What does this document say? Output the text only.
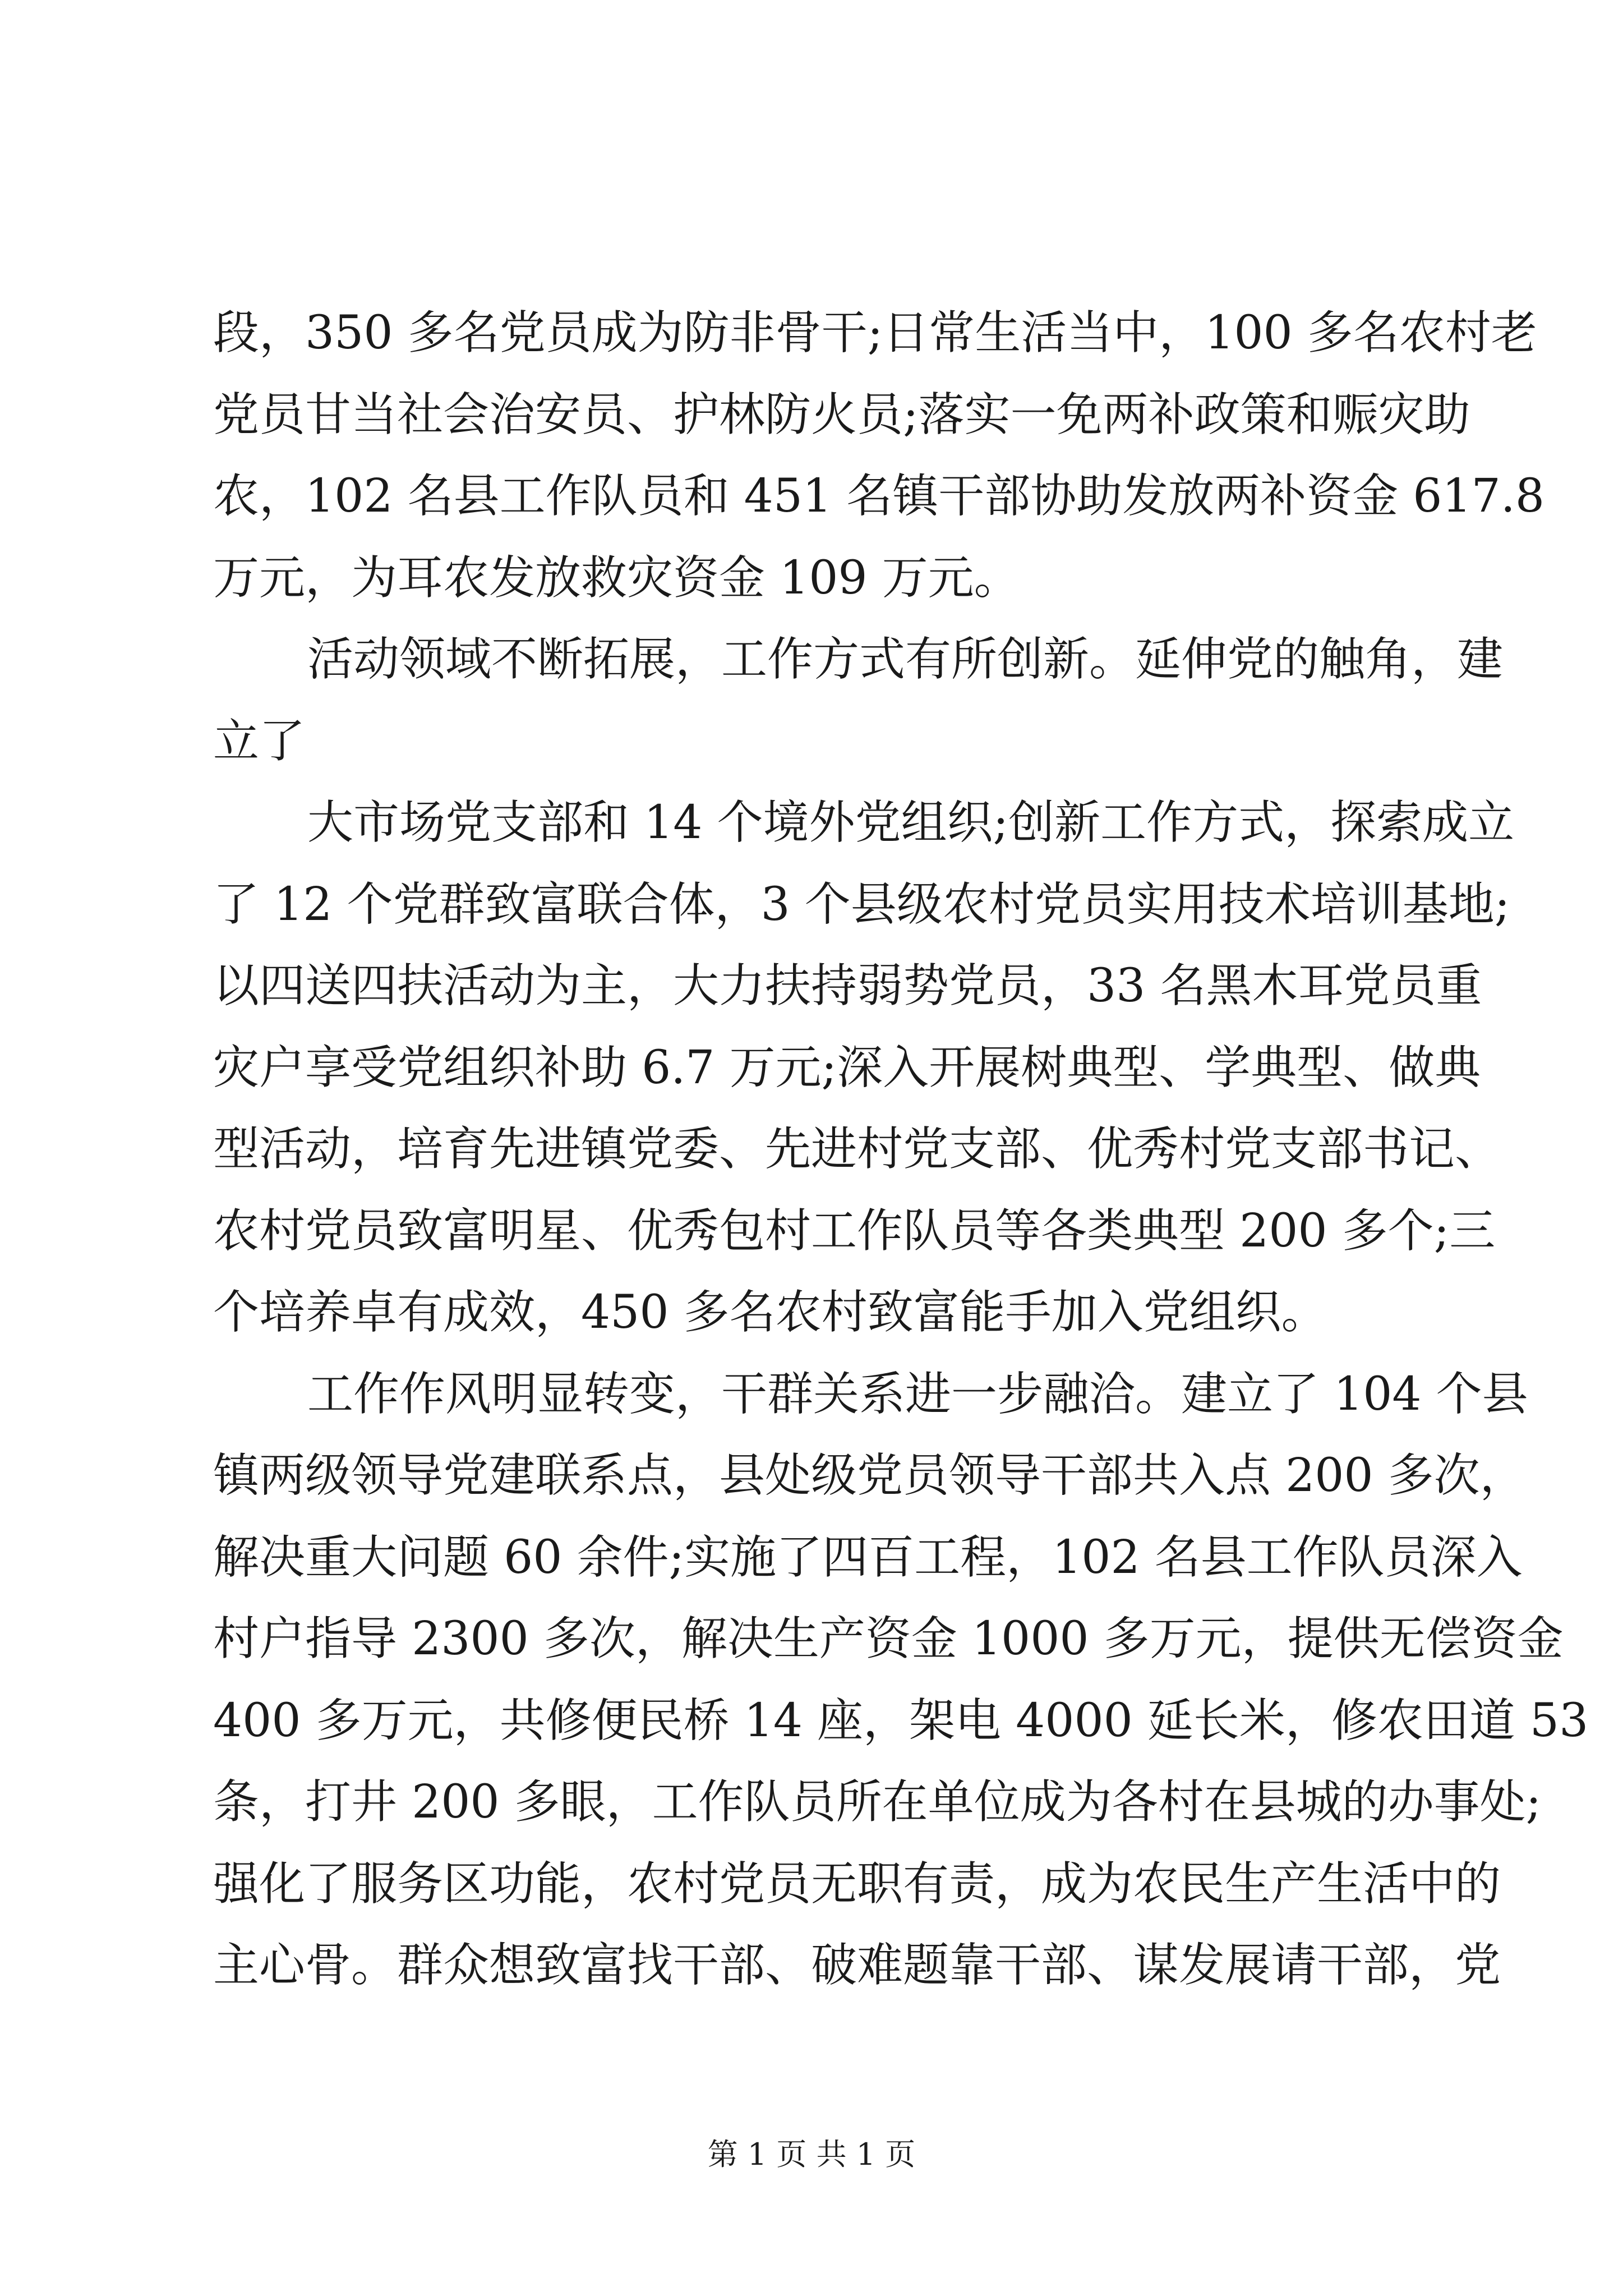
段，350 多名党员成为防非骨干;日常生活当中，100 多名农村老

党员甘当社会治安员、护林防火员;落实一免两补政策和赈灾助

农，102 名县工作队员和 451 名镇干部协助发放两补资金 617.8

万元，为耳农发放救灾资金 109 万元。

活动领域不断拓展，工作方式有所创新。延伸党的触角，建

立了

大市场党支部和 14 个境外党组织;创新工作方式，探索成立

了 12 个党群致富联合体，3 个县级农村党员实用技术培训基地;

以四送四扶活动为主，大力扶持弱势党员，33 名黑木耳党员重

灾户享受党组织补助 6.7 万元;深入开展树典型、学典型、做典

型活动，培育先进镇党委、先进村党支部、优秀村党支部书记、

农村党员致富明星、优秀包村工作队员等各类典型 200 多个;三

个培养卓有成效，450 多名农村致富能手加入党组织。

工作作风明显转变，干群关系进一步融洽。建立了 104 个县

镇两级领导党建联系点，县处级党员领导干部共入点 200 多次，

解决重大问题 60 余件;实施了四百工程，102 名县工作队员深入

村户指导 2300 多次，解决生产资金 1000 多万元，提供无偿资金

400 多万元，共修便民桥 14 座，架电 4000 延长米，修农田道 53

条，打井 200 多眼，工作队员所在单位成为各村在县城的办事处;

强化了服务区功能，农村党员无职有责，成为农民生产生活中的

主心骨。群众想致富找干部、破难题靠干部、谋发展请干部，党

第 1 页 共 1 页
